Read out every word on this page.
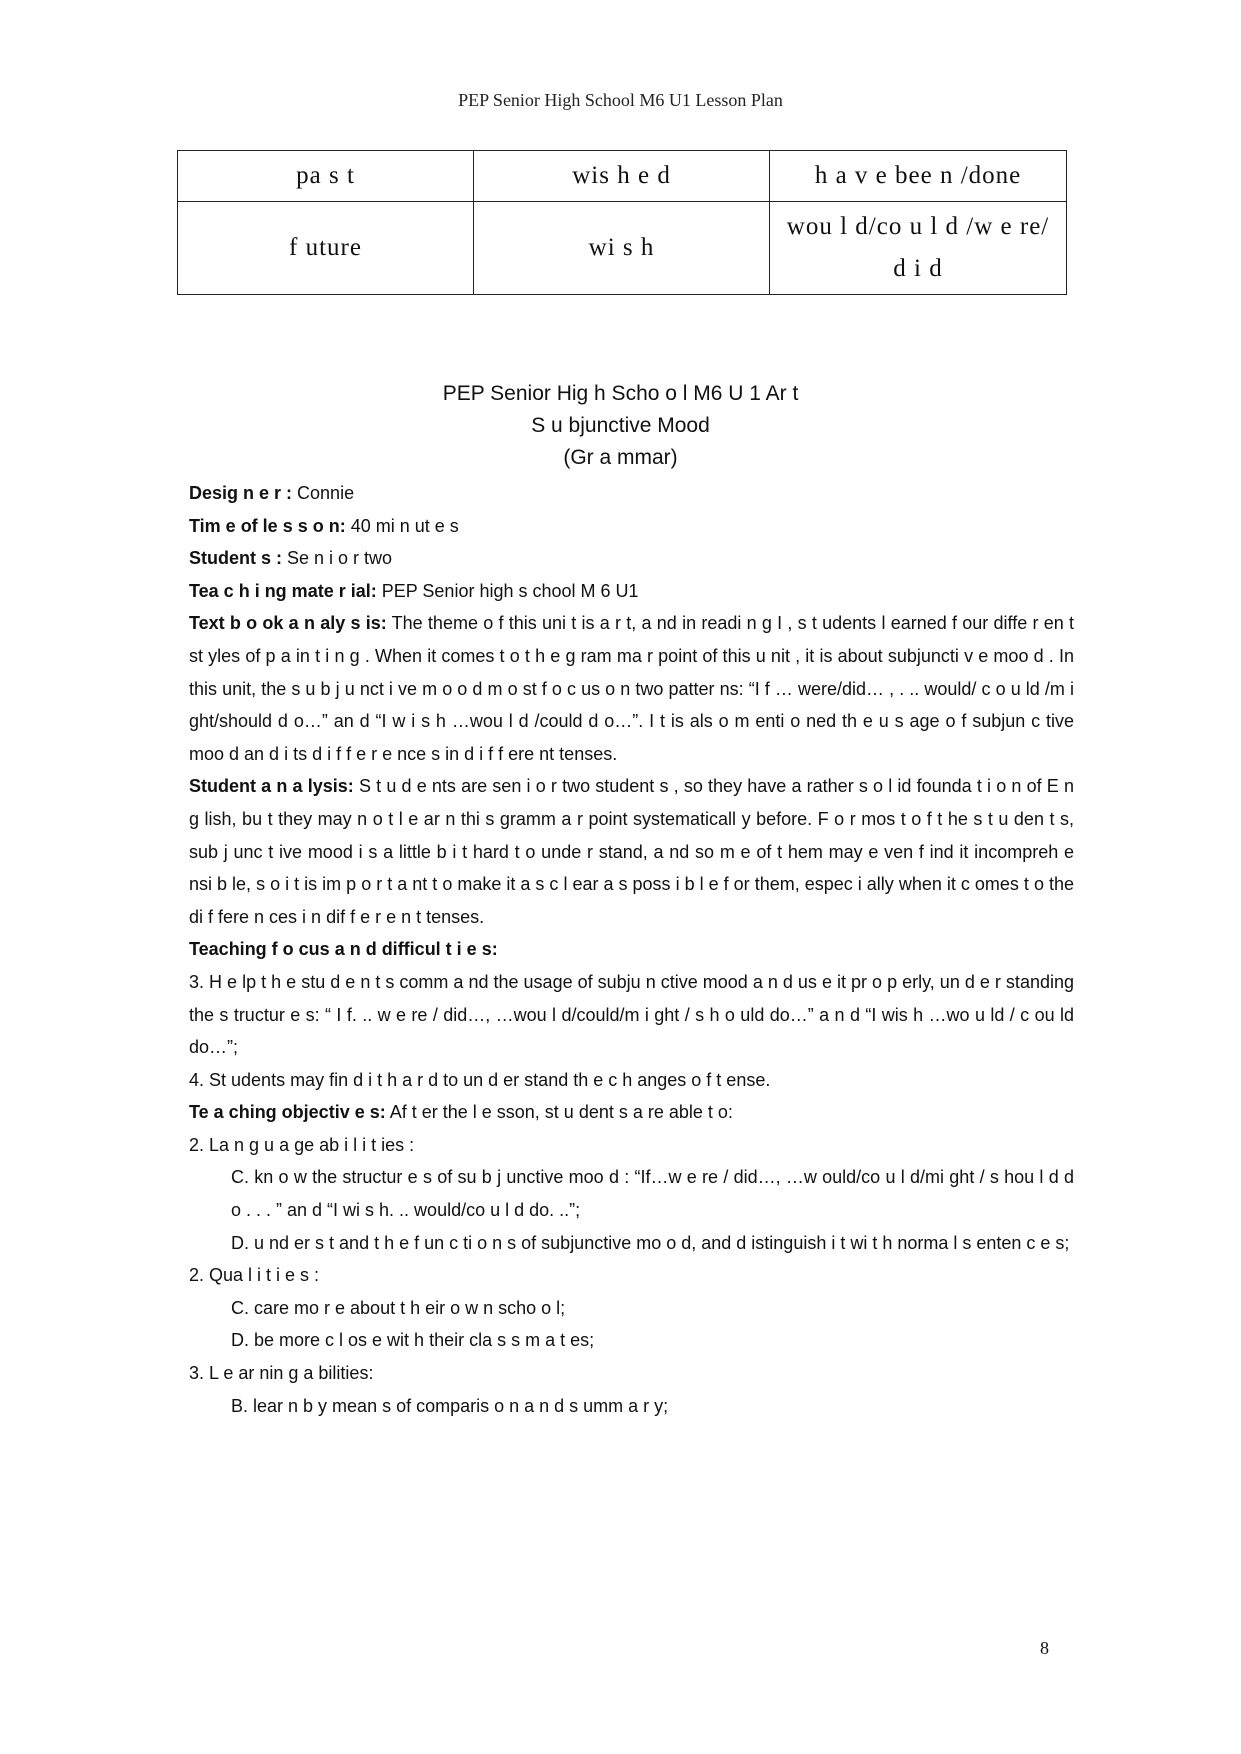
PEP Senior High School M6 U1 Lesson Plan
pa s t	wis h e d	h a v e bee n /done
f uture	wi s h	wou l d/co u l d /w e re/ d i d
PEP Senior Hig h Scho o l M6 U 1 Ar t
S u bjunctive Mood
(Gr a mmar)

Desig n e r : Connie

Tim e of le s s o n: 40 mi n ut e s

Student s : Se n i o r two

Tea c h i ng mate r ial: PEP Senior high s chool M 6 U1

Text b o ok a n aly s is: The theme o f this uni t is a r t, a nd in readi n g I , s t udents l earned f our diffe r en t st yles of p a in t i n g . When it comes t o t h e g ram ma r point of this u nit , it is about subjuncti v e moo d . In this unit, the s u b j u nct i ve m o o d m o st f o c us o n two patter ns: “I f … were/did… , . .. would/ c o u ld /m i ght/should d o…” an d “I w i s h …wou l d /could d o…”. I t is als o m enti o ned th e u s age o f subjun c tive moo d an d i ts d i f f e r e nce s in d i f f ere nt tenses.

Student a n a lysis: S t u d e nts are sen i o r two student s , so they have a rather s o l id founda t i o n of E n g lish, bu t they may n o t l e ar n thi s gramm a r point systematicall y before. F o r mos t o f t he s t u den t s, sub j unc t ive mood i s a little b i t hard t o unde r stand, a nd so m e of t hem may e ven f ind it incompreh e nsi b le, s o i t is im p o r t a nt t o make it a s c l ear a s poss i b l e f or them, espec i ally when it c omes t o the di f fere n ces i n dif f e r e n t tenses.

Teaching f o cus a n d difficul t i e s:

3. H e lp t h e stu d e n t s comm a nd the usage of subju n ctive mood a n d us e it pr o p erly, un d e r standing the s tructur e s: “ I f. .. w e re / did…, …wou l d/could/m i ght / s h o uld do…” a n d “I wis h …wo u ld / c ou ld do…”;

4. St udents may fin d i t h a r d to un d er stand th e c h anges o f t ense.

Te a ching objectiv e s: Af t er the l e sson, st u dent s a re able t o:

2. La n g u a ge ab i l i t ies :

C. kn o w the structur e s of su b j unctive moo d : “If…w e re / did…, …w ould/co u l d/mi ght / s hou l d d o . . . ” an d “I wi s h. .. would/co u l d do. ..”;

D. u nd er s t and t h e f un c ti o n s of subjunctive mo o d, and d istinguish i t wi t h norma l s enten c e s;

2. Qua l i t i e s :

C. care mo r e about t h eir o w n scho o l;

D. be more c l os e wit h their cla s s m a t es;

3. L e ar nin g a bilities:

B. lear n b y mean s of comparis o n a n d s umm a r y;

8
